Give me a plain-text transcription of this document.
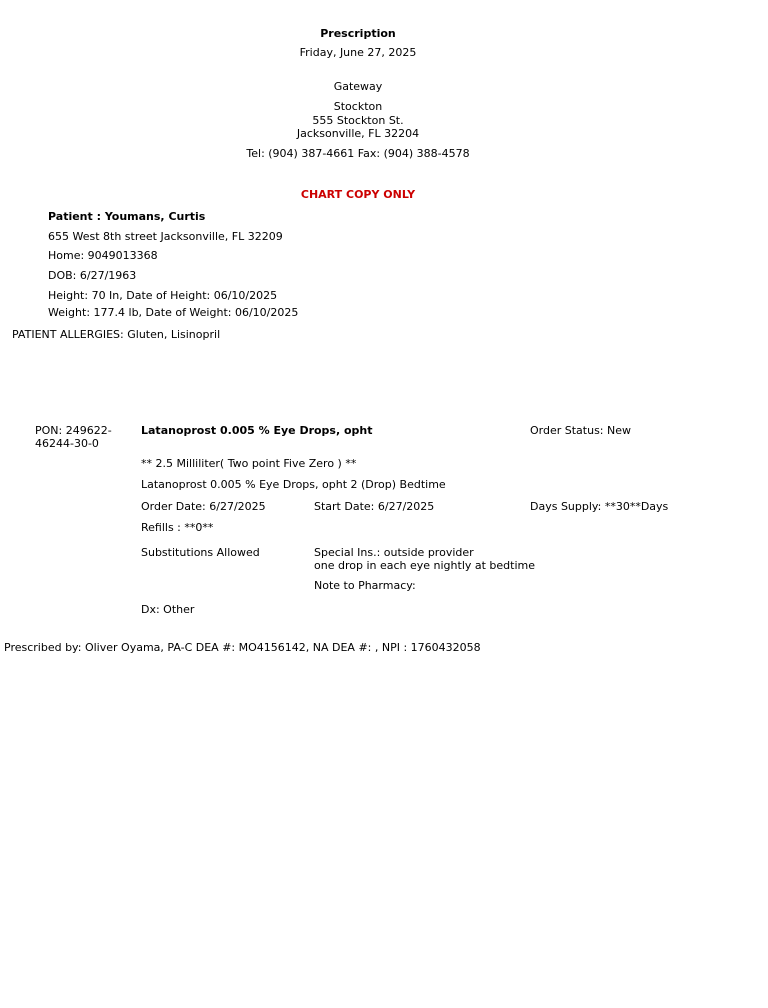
Prescription
Friday, June 27, 2025
Gateway
Stockton
555 Stockton St.
Jacksonville, FL 32204
Tel: (904) 387-4661 Fax: (904) 388-4578
CHART COPY ONLY
Patient : Youmans, Curtis
655 West 8th street Jacksonville, FL 32209
Home: 9049013368
DOB: 6/27/1963
Height: 70 In, Date of Height: 06/10/2025
Weight: 177.4 lb, Date of Weight: 06/10/2025
PATIENT ALLERGIES: Gluten, Lisinopril
PON: 249622-
46244-30-0
Latanoprost 0.005 % Eye Drops, opht	Order Status: New
** 2.5 Milliliter( Two point Five Zero ) **
Latanoprost 0.005 % Eye Drops, opht 2 (Drop) Bedtime
Order Date: 6/27/2025	Start Date: 6/27/2025	Days Supply: **30**Days
Refills : **0**
Substitutions Allowed	Special Ins.: outside provider
one drop in each eye nightly at bedtime
Note to Pharmacy:
Dx: Other
Prescribed by: Oliver Oyama, PA-C DEA #: MO4156142, NA DEA #: , NPI : 1760432058
